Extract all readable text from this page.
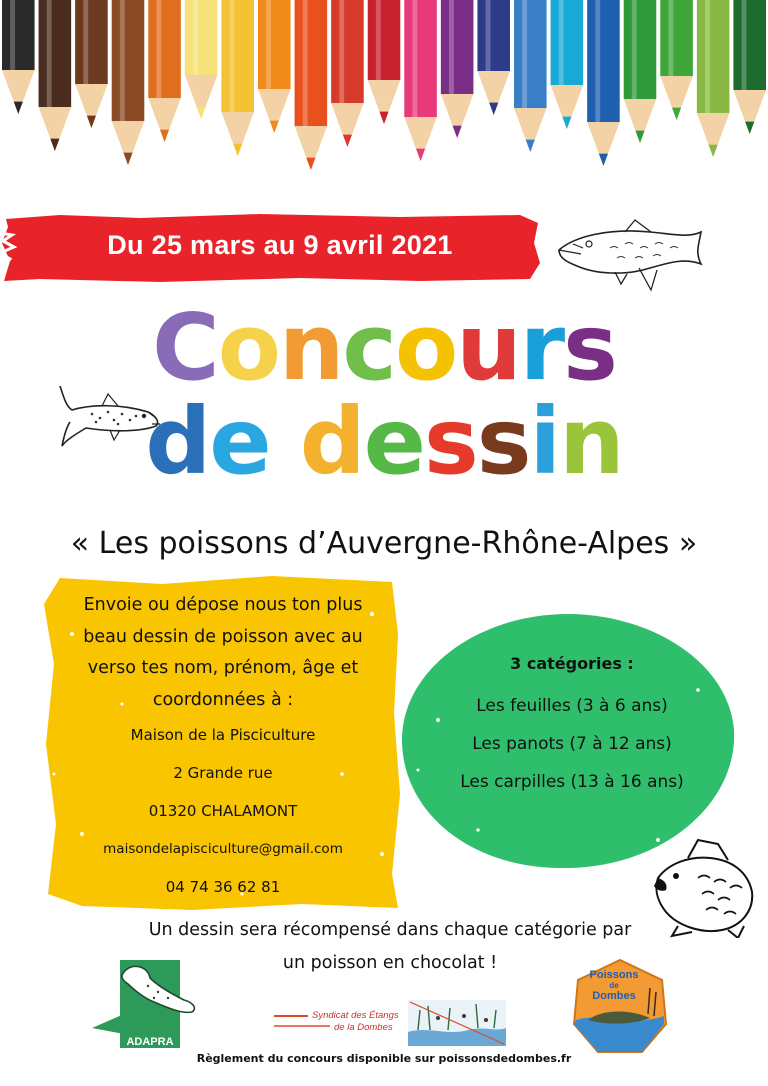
Du 25 mars au 9 avril 2021
Concours
de dessin
« Les poissons d’Auvergne-Rhône-Alpes »
Envoie ou dépose nous ton plus
beau dessin de poisson avec au
verso tes nom, prénom, âge et
coordonnées à :
Maison de la Pisciculture
2 Grande rue
01320 CHALAMONT
maisondelapisciculture@gmail.com
04 74 36 62 81
3 catégories :
Les feuilles (3 à 6 ans)
Les panots (7 à 12 ans)
Les carpilles (13 à 16 ans)
Un dessin sera récompensé dans chaque catégorie par
un poisson en chocolat !
ADAPRA
Syndicat des Étangs
de la Dombes
Poissons
de
Dombes
Règlement du concours disponible sur poissonsdedombes.fr
